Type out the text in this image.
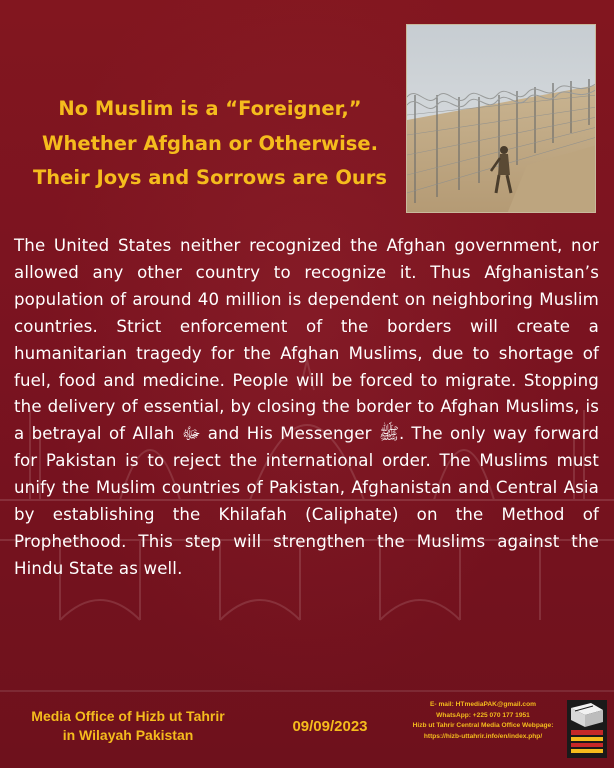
No Muslim is a “Foreigner,”
Whether Afghan or Otherwise.
Their Joys and Sorrows are Ours

The United States neither recognized the Afghan government, nor allowed any other country to recognize it. Thus Afghanistan’s population of around 40 million is dependent on neighboring Muslim countries. Strict enforcement of the borders will create a humanitarian tragedy for the Afghan Muslims, due to shortage of fuel, food and medicine. People will be forced to migrate. Stopping the delivery of essential, by closing the border to Afghan Muslims, is a betrayal of Allah ﷻ and His Messenger ﷺ. The only way forward for Pakistan is to reject the international order. The Muslims must unify the Muslim countries of Pakistan, Afghanistan and Central Asia by establishing the Khilafah (Caliphate) on the Method of Prophethood. This step will strengthen the Muslims against the Hindu State as well.

Media Office of Hizb ut Tahrir
in Wilayah Pakistan	09/09/2023
E- mail: HTmediaPAK@gmail.com
WhatsApp: +225 070 177 1951
Hizb ut Tahrir Central Media Office Webpage:
https://hizb-uttahrir.info/en/index.php/
